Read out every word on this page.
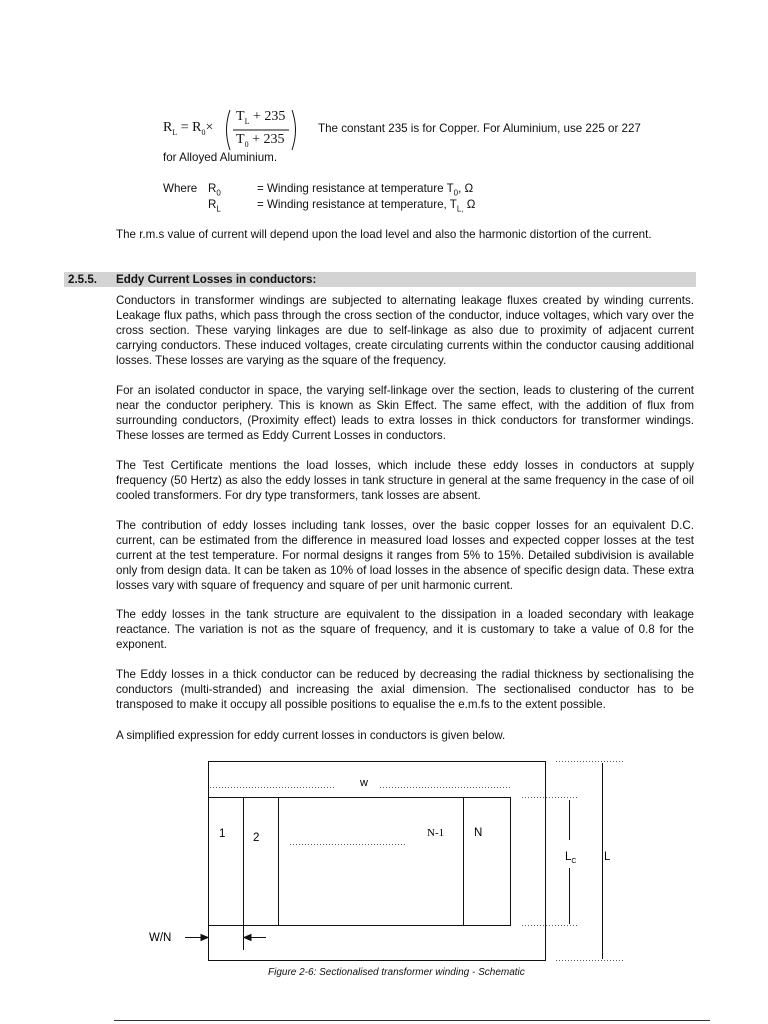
$R_L = R_0\times$
$T_L + 235$
$T_0 + 235$
The constant 235 is for Copper. For Aluminium, use 225 or 227
for Alloyed Aluminium.
Where $R_0$	= Winding resistance at temperature $T_0$, Ω
$R_L$	= Winding resistance at temperature, $T_{L,}$ Ω
The r.m.s value of current will depend upon the load level and also the harmonic distortion of the current.
2.5.5. Eddy Current Losses in conductors:
Conductors in transformer windings are subjected to alternating leakage fluxes created by winding currents. Leakage flux paths, which pass through the cross section of the conductor, induce voltages, which vary over the cross section. These varying linkages are due to self-linkage as also due to proximity of adjacent current carrying conductors. These induced voltages, create circulating currents within the conductor causing additional losses. These losses are varying as the square of the frequency.
For an isolated conductor in space, the varying self-linkage over the section, leads to clustering of the current near the conductor periphery. This is known as Skin Effect. The same effect, with the addition of flux from surrounding conductors, (Proximity effect) leads to extra losses in thick conductors for transformer windings. These losses are termed as Eddy Current Losses in conductors.
The Test Certificate mentions the load losses, which include these eddy losses in conductors at supply frequency (50 Hertz) as also the eddy losses in tank structure in general at the same frequency in the case of oil cooled transformers. For dry type transformers, tank losses are absent.
The contribution of eddy losses including tank losses, over the basic copper losses for an equivalent D.C. current, can be estimated from the difference in measured load losses and expected copper losses at the test current at the test temperature. For normal designs it ranges from 5% to 15%. Detailed subdivision is available only from design data. It can be taken as 10% of load losses in the absence of specific design data. These extra losses vary with square of frequency and square of per unit harmonic current.
The eddy losses in the tank structure are equivalent to the dissipation in a loaded secondary with leakage reactance. The variation is not as the square of frequency, and it is customary to take a value of 0.8 for the exponent.
The Eddy losses in a thick conductor can be reduced by decreasing the radial thickness by sectionalising the conductors (multi-stranded) and increasing the axial dimension. The sectionalised conductor has to be transposed to make it occupy all possible positions to equalise the e.m.fs to the extent possible.
A simplified expression for eddy current losses in conductors is given below.
w
1 2	N-1	N
$L_C$ L
W/N
Figure 2-6: Sectionalised transformer winding - Schematic
